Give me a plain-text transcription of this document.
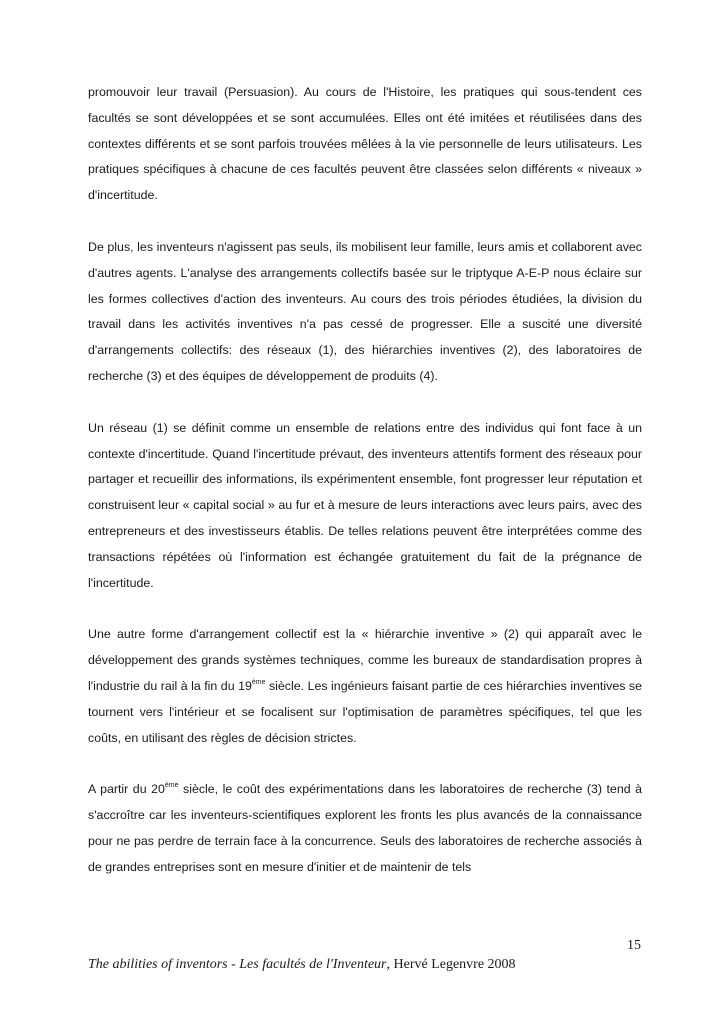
promouvoir leur travail (Persuasion). Au cours de l'Histoire, les pratiques qui sous-tendent ces facultés se sont développées et se sont accumulées. Elles ont été imitées et réutilisées dans des contextes différents et se sont parfois trouvées mêlées à la vie personnelle de leurs utilisateurs. Les pratiques spécifiques à chacune de ces facultés peuvent être classées selon différents « niveaux » d'incertitude.

De plus, les inventeurs n'agissent pas seuls, ils mobilisent leur famille, leurs amis et collaborent avec d'autres agents. L'analyse des arrangements collectifs basée sur le triptyque A-E-P nous éclaire sur les formes collectives d'action des inventeurs. Au cours des trois périodes étudiées, la division du travail dans les activités inventives n'a pas cessé de progresser. Elle a suscité une diversité d'arrangements collectifs: des réseaux (1), des hiérarchies inventives (2), des laboratoires de recherche (3) et des équipes de développement de produits (4).

Un réseau (1) se définit comme un ensemble de relations entre des individus qui font face à un contexte d'incertitude. Quand l'incertitude prévaut, des inventeurs attentifs forment des réseaux pour partager et recueillir des informations, ils expérimentent ensemble, font progresser leur réputation et construisent leur « capital social » au fur et à mesure de leurs interactions avec leurs pairs, avec des entrepreneurs et des investisseurs établis. De telles relations peuvent être interprétées comme des transactions répétées où l'information est échangée gratuitement du fait de la prégnance de l'incertitude.

Une autre forme d'arrangement collectif est la « hiérarchie inventive » (2) qui apparaît avec le développement des grands systèmes techniques, comme les bureaux de standardisation propres à l'industrie du rail à la fin du 19ème siècle. Les ingénieurs faisant partie de ces hiérarchies inventives se tournent vers l'intérieur et se focalisent sur l'optimisation de paramètres spécifiques, tel que les coûts, en utilisant des règles de décision strictes.

A partir du 20ème siècle, le coût des expérimentations dans les laboratoires de recherche (3) tend à s'accroître car les inventeurs-scientifiques explorent les fronts les plus avancés de la connaissance pour ne pas perdre de terrain face à la concurrence. Seuls des laboratoires de recherche associés à de grandes entreprises sont en mesure d'initier et de maintenir de tels

15
The abilities of inventors - Les facultés de l'Inventeur, Hervé Legenvre 2008
